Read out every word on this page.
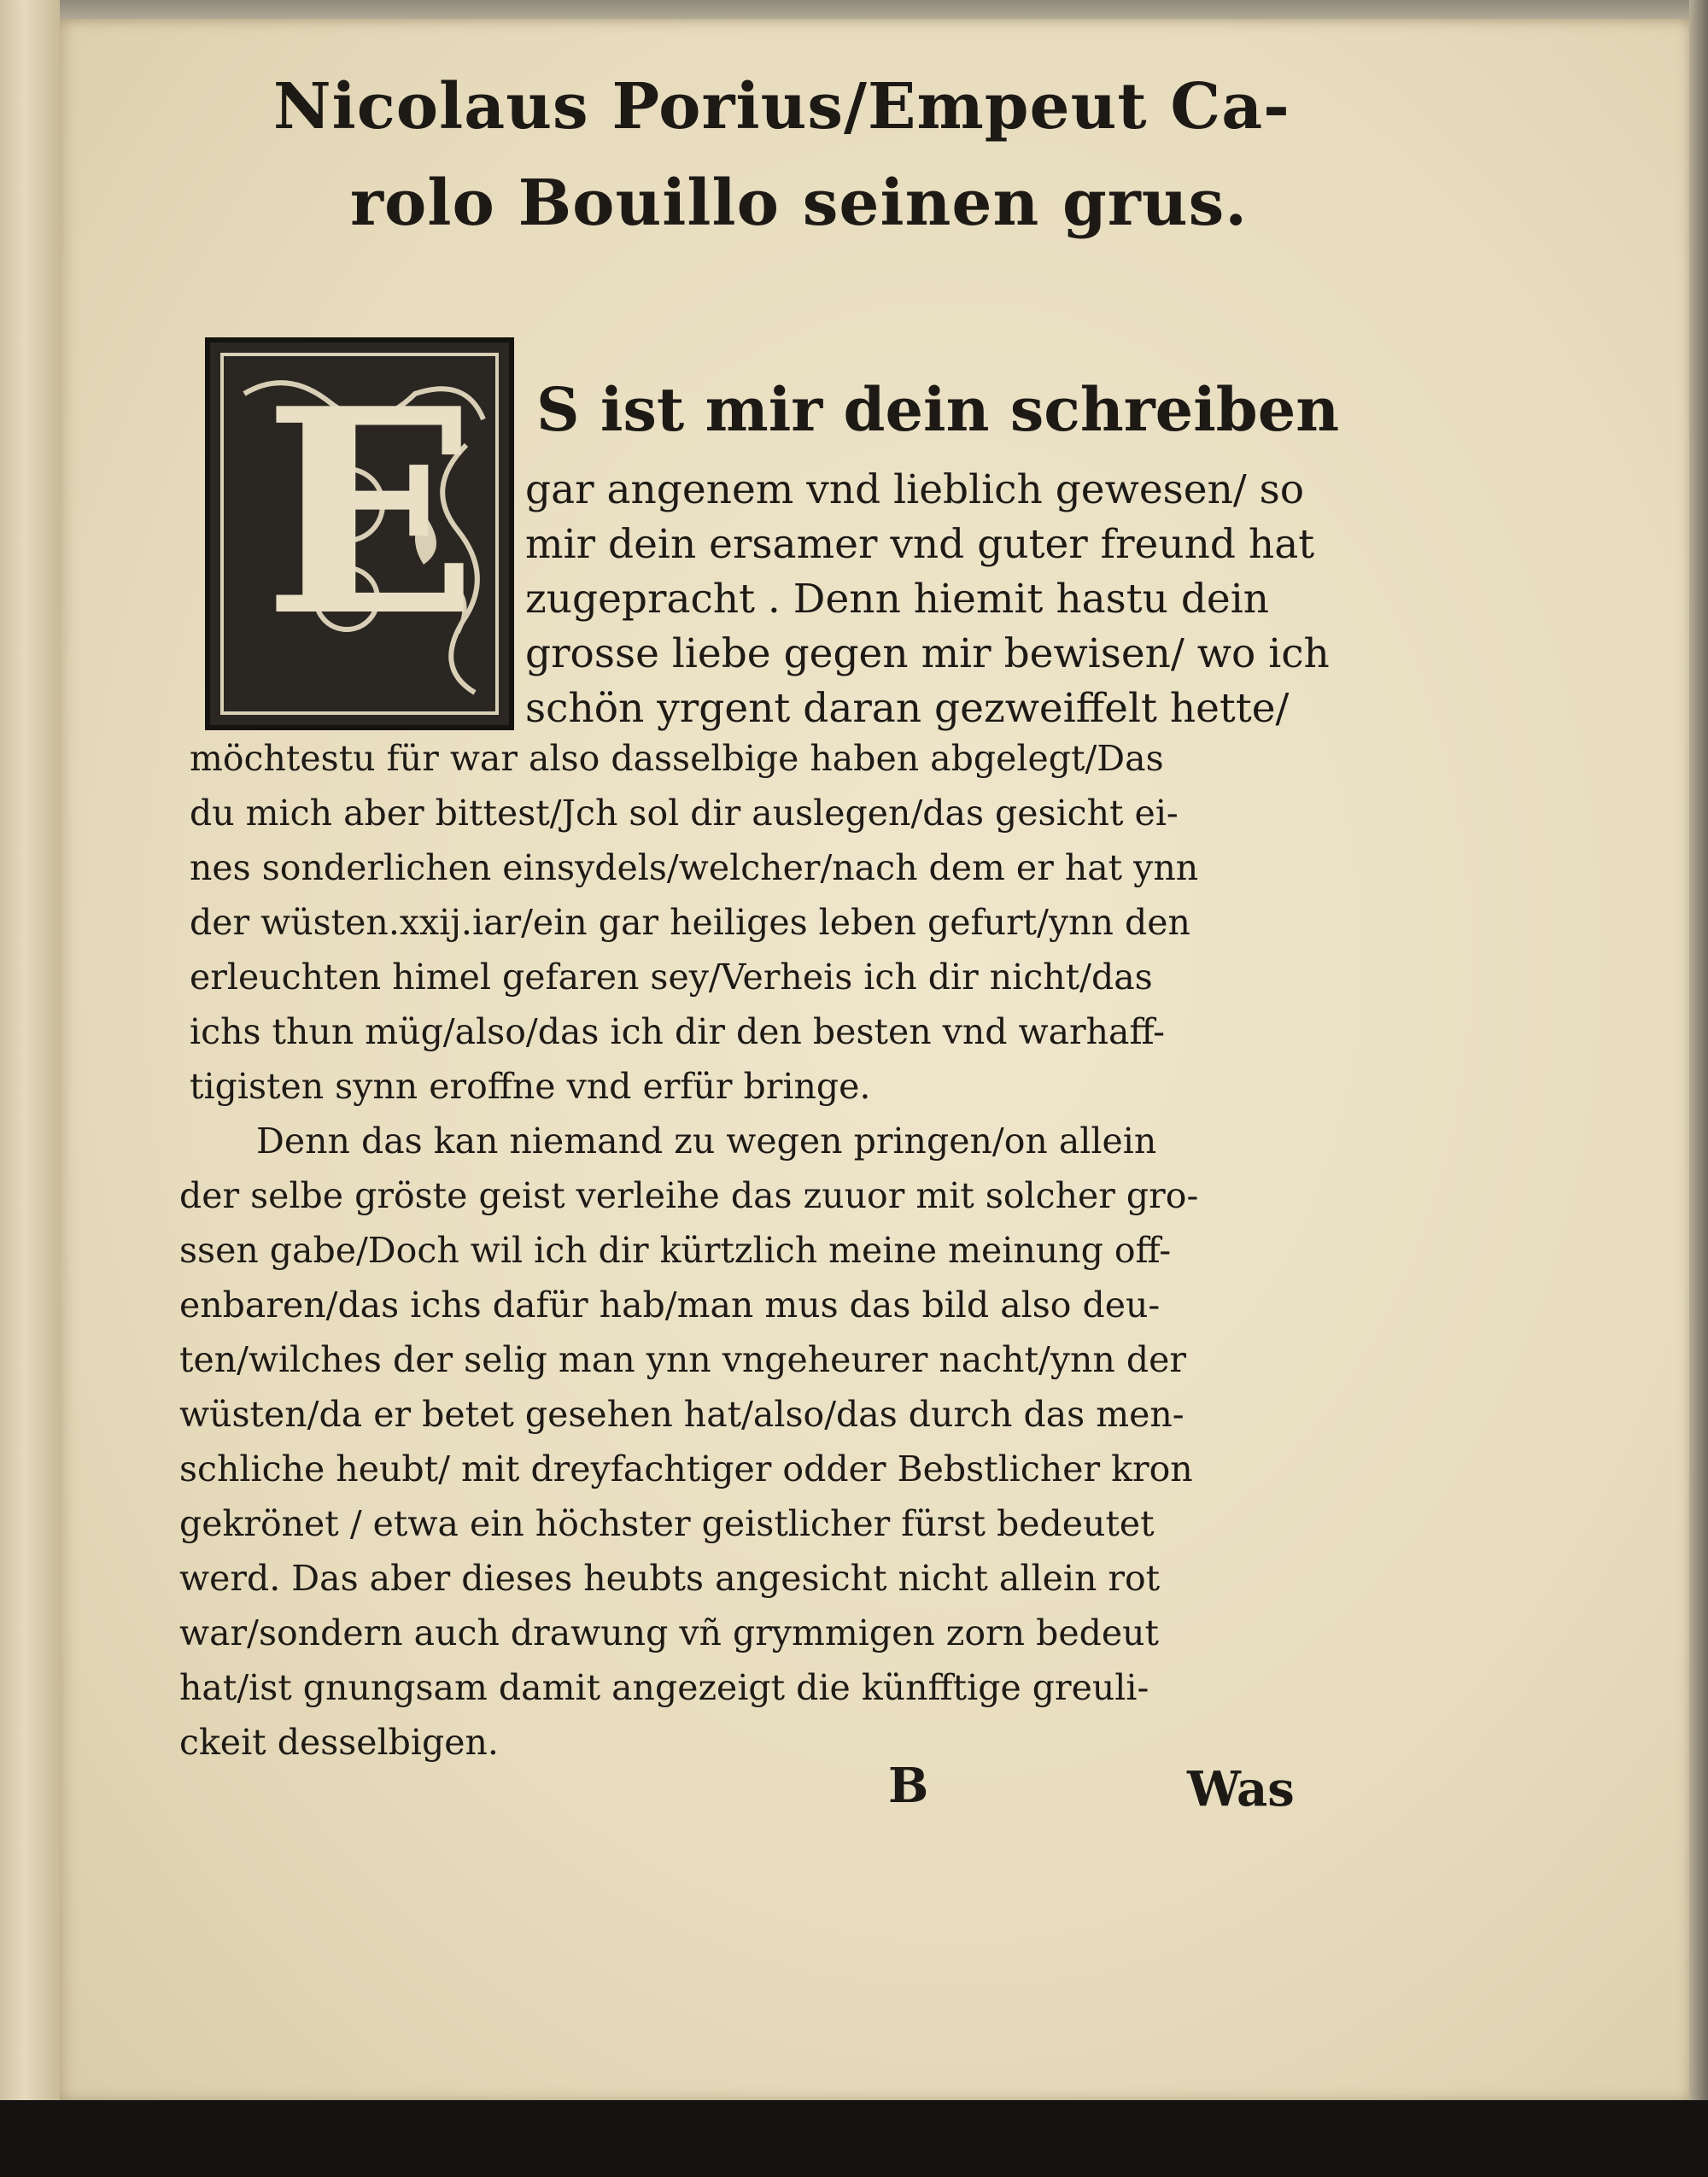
Nicolaus Porius/Empeut Ca-
rolo Bouillo seinen grus.
E S ist mir dein schreiben
gar angenem vnd lieblich gewesen/ so
mir dein ersamer vnd guter freund hat
zugepracht . Denn hiemit hastu dein
grosse liebe gegen mir bewisen/ wo ich
schön yrgent daran gezweiffelt hette/
möchtestu für war also dasselbige haben abgelegt/Das
du mich aber bittest/Jch sol dir auslegen/das gesicht ei-
nes sonderlichen einsydels/welcher/nach dem er hat ynn
der wüsten.xxij.iar/ein gar heiliges leben gefurt/ynn den
erleuchten himel gefaren sey/Verheis ich dir nicht/das
ichs thun müg/also/das ich dir den besten vnd warhaff-
tigisten synn eroffne vnd erfür bringe.
Denn das kan niemand zu wegen pringen/on allein
der selbe gröste geist verleihe das zuuor mit solcher gro-
ssen gabe/Doch wil ich dir kürtzlich meine meinung off-
enbaren/das ichs dafür hab/man mus das bild also deu-
ten/wilches der selig man ynn vngeheurer nacht/ynn der
wüsten/da er betet gesehen hat/also/das durch das men-
schliche heubt/ mit dreyfachtiger odder Bebstlicher kron
gekrönet / etwa ein höchster geistlicher fürst bedeutet
werd. Das aber dieses heubts angesicht nicht allein rot
war/sondern auch drawung vñ grymmigen zorn bedeut
hat/ist gnungsam damit angezeigt die künfftige greuli-
ckeit desselbigen.
B	Was
